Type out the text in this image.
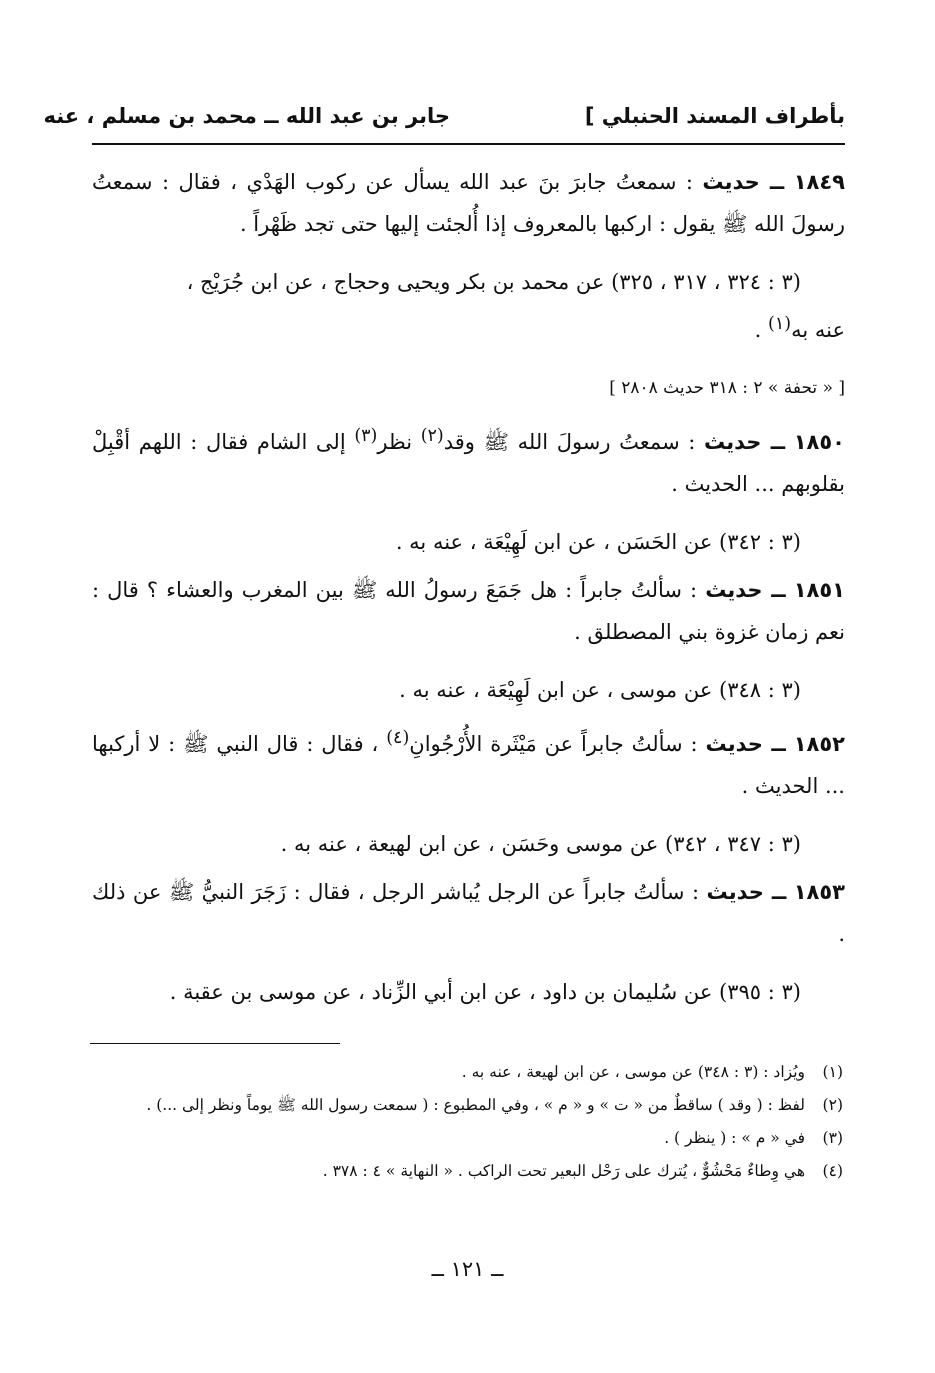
بأطراف المسند الحنبلي ]
جابر بن عبد الله ــ محمد بن مسلم ، عنه

١٨٤٩ ــ حديث : سمعتُ جابرَ بنَ عبد الله يسأل عن ركوب الهَدْي ، فقال : سمعتُ رسولَ الله ﷺ يقول : اركبها بالمعروف إذا أُلجئت إليها حتى تجد ظَهْراً .

(٣ : ٣٢٤ ، ٣١٧ ، ٣٢٥) عن محمد بن بكر ويحيى وحجاج ، عن ابن جُرَيْج ،

عنه به$^{(١)}$ .

[ « تحفة » ٢ : ٣١٨ حديث ٢٨٠٨ ]

١٨٥٠ ــ حديث : سمعتُ رسولَ الله ﷺ وقد$^{(٢)}$ نظر$^{(٣)}$ إلى الشام فقال : اللهم أقْبِلْ بقلوبهم ... الحديث .

(٣ : ٣٤٢) عن الحَسَن ، عن ابن لَهِيْعَة ، عنه به .

١٨٥١ ــ حديث : سألتُ جابراً : هل جَمَعَ رسولُ الله ﷺ بين المغرب والعشاء ؟ قال : نعم زمان غزوة بني المصطلق .

(٣ : ٣٤٨) عن موسى ، عن ابن لَهِيْعَة ، عنه به .

١٨٥٢ ــ حديث : سألتُ جابراً عن مَيْثَرة الأُرْجُوانِ$^{(٤)}$ ، فقال : قال النبي ﷺ : لا أركبها ... الحديث .

(٣ : ٣٤٧ ، ٣٤٢) عن موسى وحَسَن ، عن ابن لهيعة ، عنه به .

١٨٥٣ ــ حديث : سألتُ جابراً عن الرجل يُباشر الرجل ، فقال : زَجَرَ النبيُّ ﷺ عن ذلك .

(٣ : ٣٩٥) عن سُليمان بن داود ، عن ابن أبي الزِّناد ، عن موسى بن عقبة .

(١)
ويُزاد : (٣ : ٣٤٨) عن موسى ، عن ابن لهيعة ، عنه به .
(٢)
لفظ : ( وقد ) ساقطٌ من « ت » و « م » ، وفي المطبوع : ( سمعت رسول الله ﷺ يوماً ونظر إلى ...) .
(٣)
في « م » : ( ينظر ) .
(٤)
هي وِطاءٌ مَحْشُوٌّ ، يُترك على رَحْل البعير تحت الراكب . « النهاية » ٤ : ٣٧٨ .
ــ ١٢١ ــ
